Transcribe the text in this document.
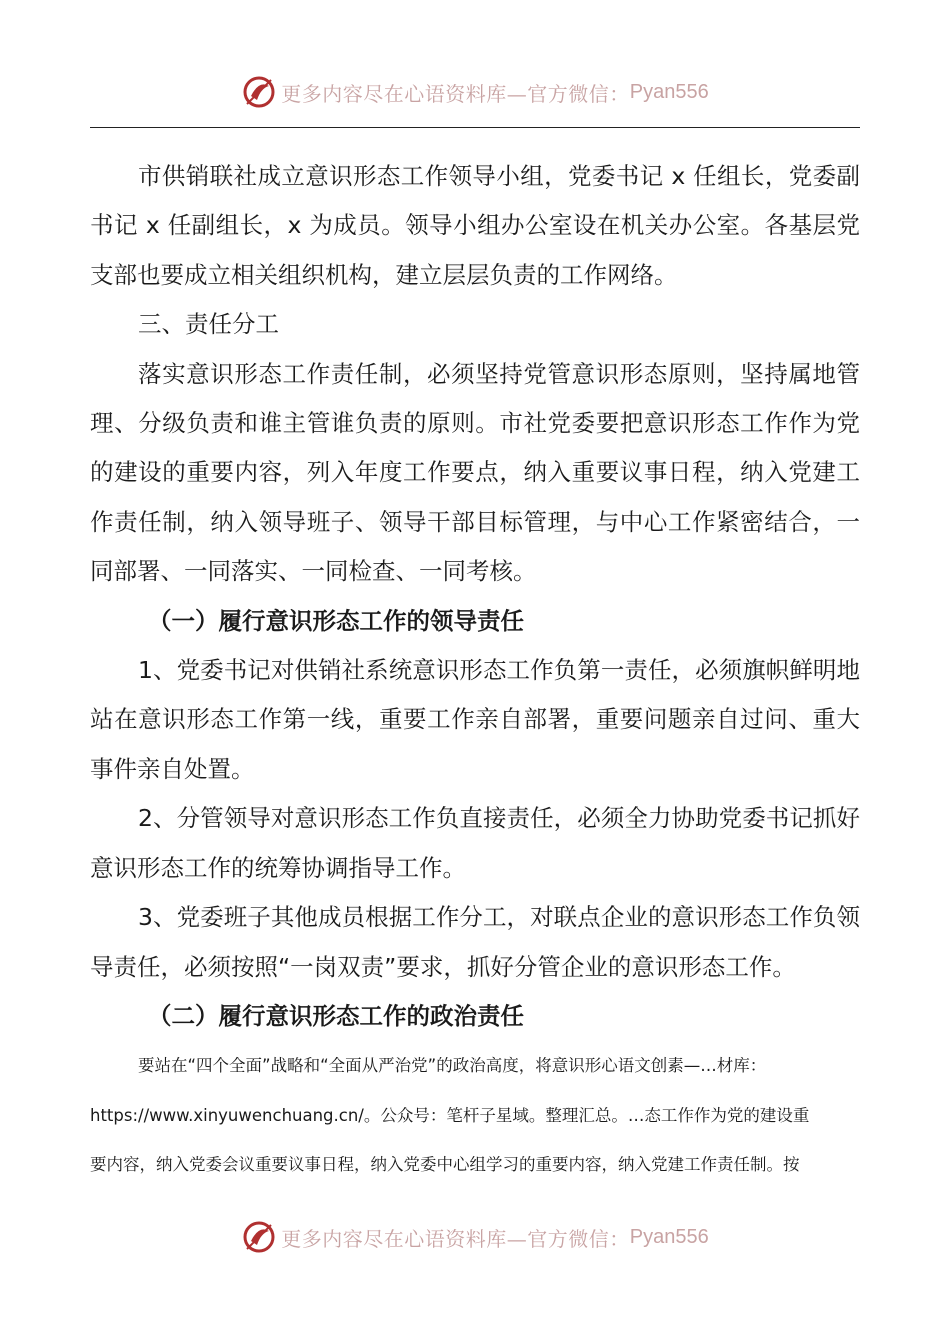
更多内容尽在心语资料库—官方微信： Pyan556

市供销联社成立意识形态工作领导小组，党委书记 x 任组长，党委副书记 x 任副组长，x 为成员。领导小组办公室设在机关办公室。各基层党支部也要成立相关组织机构，建立层层负责的工作网络。

三、责任分工

落实意识形态工作责任制，必须坚持党管意识形态原则，坚持属地管理、分级负责和谁主管谁负责的原则。市社党委要把意识形态工作作为党的建设的重要内容，列入年度工作要点，纳入重要议事日程，纳入党建工作责任制，纳入领导班子、领导干部目标管理，与中心工作紧密结合，一同部署、一同落实、一同检查、一同考核。

（一）履行意识形态工作的领导责任

1、党委书记对供销社系统意识形态工作负第一责任，必须旗帜鲜明地站在意识形态工作第一线，重要工作亲自部署，重要问题亲自过问、重大事件亲自处置。

2、分管领导对意识形态工作负直接责任，必须全力协助党委书记抓好意识形态工作的统筹协调指导工作。

3、党委班子其他成员根据工作分工，对联点企业的意识形态工作负领导责任，必须按照“一岗双责”要求，抓好分管企业的意识形态工作。

（二）履行意识形态工作的政治责任

要站在“四个全面”战略和“全面从严治党”的政治高度，将意识形心语文创素—…材库：

https://www.xinyuwenchuang.cn/。公众号：笔杆子星域。整理汇总。…态工作作为党的建设重

要内容，纳入党委会议重要议事日程，纳入党委中心组学习的重要内容，纳入党建工作责任制。按

更多内容尽在心语资料库—官方微信： Pyan556
